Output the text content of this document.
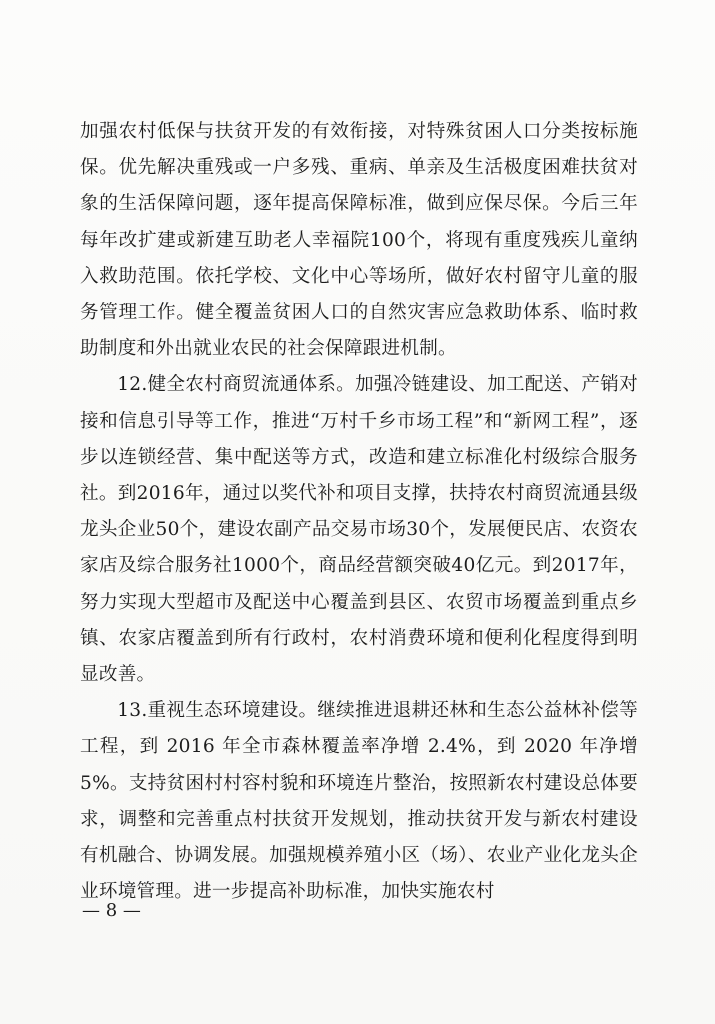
加强农村低保与扶贫开发的有效衔接，对特殊贫困人口分类按标施保。优先解决重残或一户多残、重病、单亲及生活极度困难扶贫对象的生活保障问题，逐年提高保障标准，做到应保尽保。今后三年每年改扩建或新建互助老人幸福院100个，将现有重度残疾儿童纳入救助范围。依托学校、文化中心等场所，做好农村留守儿童的服务管理工作。健全覆盖贫困人口的自然灾害应急救助体系、临时救助制度和外出就业农民的社会保障跟进机制。

12.健全农村商贸流通体系。加强冷链建设、加工配送、产销对接和信息引导等工作，推进“万村千乡市场工程”和“新网工程”，逐步以连锁经营、集中配送等方式，改造和建立标准化村级综合服务社。到2016年，通过以奖代补和项目支撑，扶持农村商贸流通县级龙头企业50个，建设农副产品交易市场30个，发展便民店、农资农家店及综合服务社1000个，商品经营额突破40亿元。到2017年，努力实现大型超市及配送中心覆盖到县区、农贸市场覆盖到重点乡镇、农家店覆盖到所有行政村，农村消费环境和便利化程度得到明显改善。

13.重视生态环境建设。继续推进退耕还林和生态公益林补偿等工程，到 2016 年全市森林覆盖率净增 2.4%，到 2020 年净增 5%。支持贫困村村容村貌和环境连片整治，按照新农村建设总体要求，调整和完善重点村扶贫开发规划，推动扶贫开发与新农村建设有机融合、协调发展。加强规模养殖小区（场）、农业产业化龙头企业环境管理。进一步提高补助标准，加快实施农村

— 8 —
